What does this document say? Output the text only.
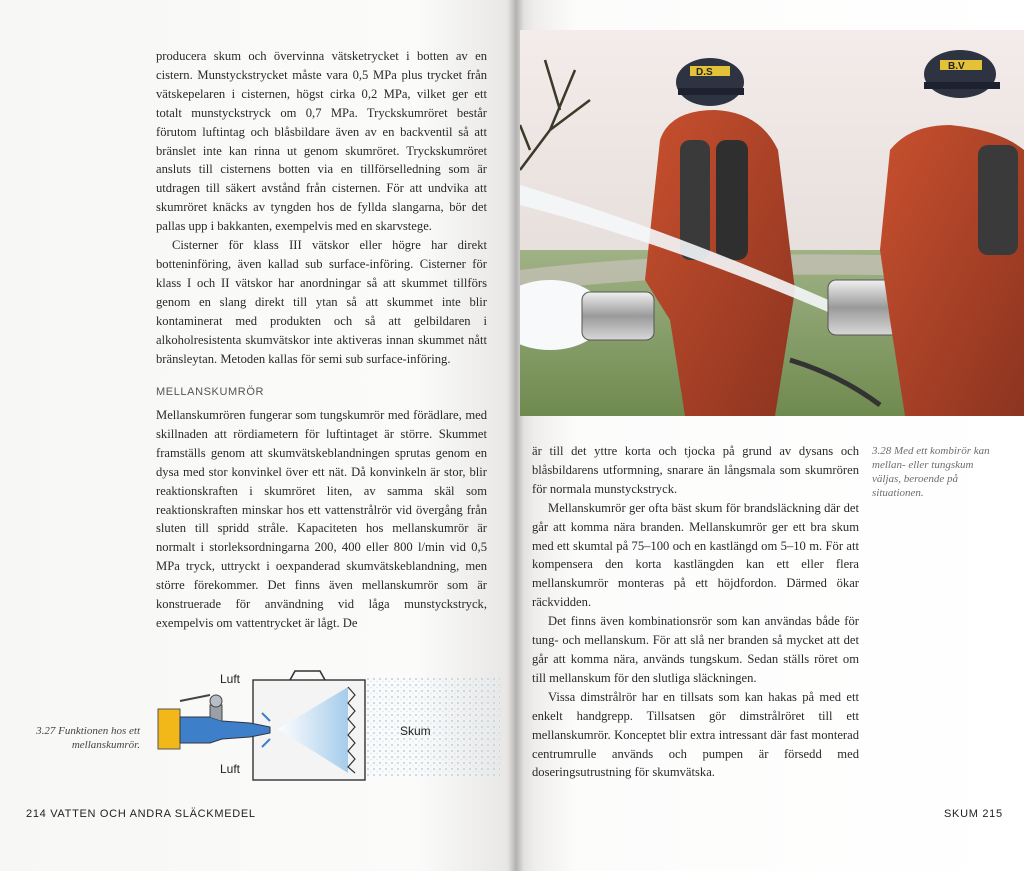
producera skum och övervinna vätsketrycket i botten av en cistern. Munstyckstrycket måste vara 0,5 MPa plus trycket från vätskepelaren i cisternen, högst cirka 0,2 MPa, vilket ger ett totalt munstyckstryck om 0,7 MPa. Tryckskumröret består förutom luftintag och blåsbildare även av en backventil så att bränslet inte kan rinna ut genom skumröret. Tryckskumröret ansluts till cisternens botten via en tillförselledning som är utdragen till säkert avstånd från cisternen. För att undvika att skumröret knäcks av tyngden hos de fyllda slangarna, bör det pallas upp i bakkanten, exempelvis med en skarvstege.

Cisterner för klass III vätskor eller högre har direkt botteninföring, även kallad sub surface-införing. Cisterner för klass I och II vätskor har anordningar så att skummet tillförs genom en slang direkt till ytan så att skummet inte blir kontaminerat med produkten och så att gelbildaren i alkoholresistenta skumvätskor inte aktiveras innan skummet nått bränsleytan. Metoden kallas för semi sub surface-införing.

MELLANSKUMRÖR

Mellanskumrören fungerar som tungskumrör med förädlare, med skillnaden att rördiametern för luftintaget är större. Skummet framställs genom att skumvätskeblandningen sprutas genom en dysa med stor konvinkel över ett nät. Då konvinkeln är stor, blir reaktionskraften i skumröret liten, av samma skäl som reaktionskraften minskar hos ett vattenstrålrör vid övergång från sluten till spridd stråle. Kapaciteten hos mellanskumrör är normalt i storleksordningarna 200, 400 eller 800 l/min vid 0,5 MPa tryck, uttryckt i oexpanderad skumvätskeblandning, men större förekommer. Det finns även mellanskumrör som är konstruerade för användning vid låga munstyckstryck, exempelvis om vattentrycket är lågt. De

Luft
Luft
Skum
3.27 Funktionen hos ett mellanskumrör.
214 VATTEN OCH ANDRA SLÄCKMEDEL
D.S
B.V

är till det yttre korta och tjocka på grund av dysans och blåsbildarens utformning, snarare än långsmala som skumrören för normala munstyckstryck.

Mellanskumrör ger ofta bäst skum för brandsläckning där det går att komma nära branden. Mellanskumrör ger ett bra skum med ett skumtal på 75–100 och en kastlängd om 5–10 m. För att kompensera den korta kastlängden kan ett eller flera mellanskumrör monteras på ett höjdfordon. Därmed ökar räckvidden.

Det finns även kombinationsrör som kan användas både för tung- och mellanskum. För att slå ner branden så mycket att det går att komma nära, används tungskum. Sedan ställs röret om till mellanskum för den slutliga släckningen.

Vissa dimstrålrör har en tillsats som kan hakas på med ett enkelt handgrepp. Tillsatsen gör dimstrålröret till ett mellanskumrör. Konceptet blir extra intressant där fast monterad centrumrulle används och pumpen är försedd med doseringsutrustning för skumvätska.

3.28 Med ett kombirör kan mellan- eller tungskum väljas, beroende på situationen.
SKUM 215
